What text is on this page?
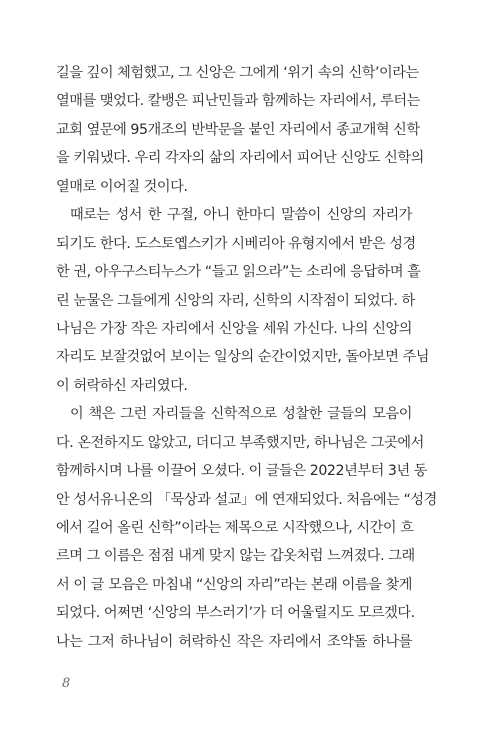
길을 깊이 체험했고, 그 신앙은 그에게 ‘위기 속의 신학’이라는
열매를 맺었다. 칼뱅은 피난민들과 함께하는 자리에서, 루터는
교회 옆문에 95개조의 반박문을 붙인 자리에서 종교개혁 신학
을 키워냈다. 우리 각자의 삶의 자리에서 피어난 신앙도 신학의
열매로 이어질 것이다.
때로는 성서 한 구절, 아니 한마디 말씀이 신앙의 자리가
되기도 한다. 도스토옙스키가 시베리아 유형지에서 받은 성경
한 권, 아우구스티누스가 “들고 읽으라”는 소리에 응답하며 흘
린 눈물은 그들에게 신앙의 자리, 신학의 시작점이 되었다. 하
나님은 가장 작은 자리에서 신앙을 세워 가신다. 나의 신앙의
자리도 보잘것없어 보이는 일상의 순간이었지만, 돌아보면 주님
이 허락하신 자리였다.
이 책은 그런 자리들을 신학적으로 성찰한 글들의 모음이
다. 온전하지도 않았고, 더디고 부족했지만, 하나님은 그곳에서
함께하시며 나를 이끌어 오셨다. 이 글들은 2022년부터 3년 동
안 성서유니온의 「묵상과 설교」에 연재되었다. 처음에는 “성경
에서 길어 올린 신학”이라는 제목으로 시작했으나, 시간이 흐
르며 그 이름은 점점 내게 맞지 않는 갑옷처럼 느껴졌다. 그래
서 이 글 모음은 마침내 “신앙의 자리”라는 본래 이름을 찾게
되었다. 어쩌면 ‘신앙의 부스러기’가 더 어울릴지도 모르겠다.
나는 그저 하나님이 허락하신 작은 자리에서 조약돌 하나를
8
